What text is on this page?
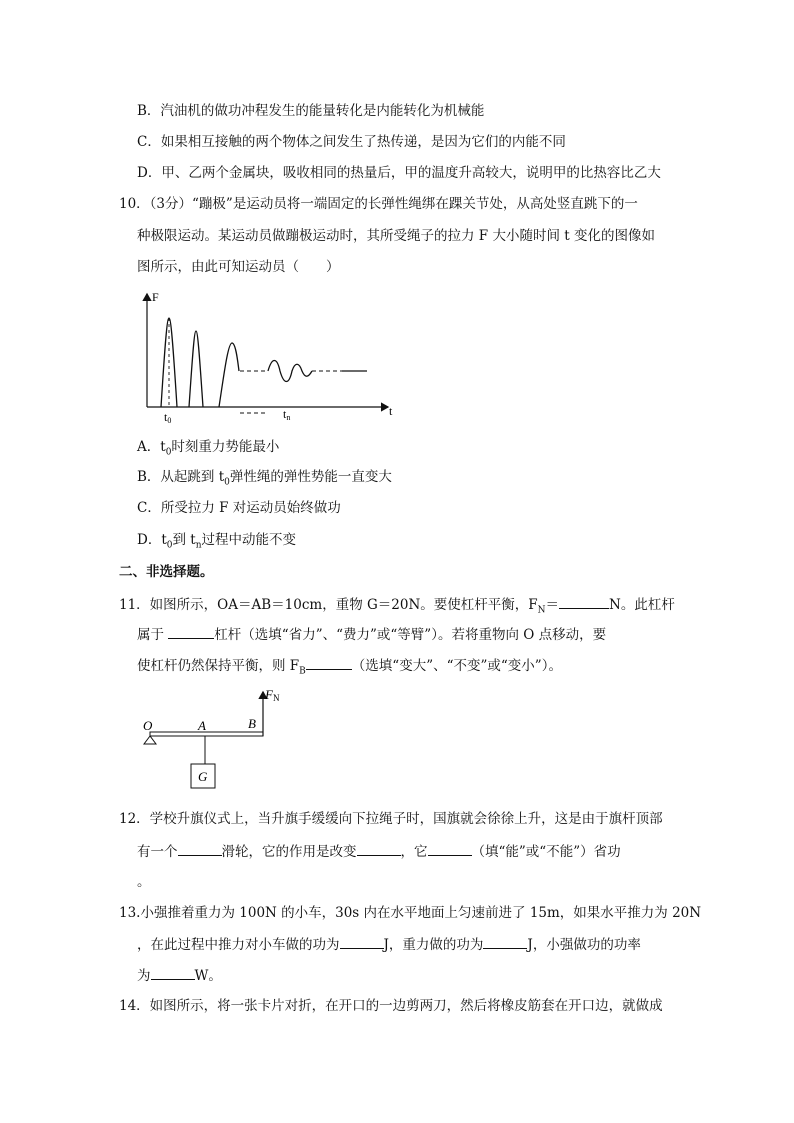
B．汽油机的做功冲程发生的能量转化是内能转化为机械能
C．如果相互接触的两个物体之间发生了热传递，是因为它们的内能不同
D．甲、乙两个金属块，吸收相同的热量后，甲的温度升高较大，说明甲的比热容比乙大
10．（3分）“蹦极”是运动员将一端固定的长弹性绳绑在踝关节处，从高处竖直跳下的一
种极限运动。某运动员做蹦极运动时，其所受绳子的拉力 F 大小随时间 t 变化的图像如
图所示，由此可知运动员（　　）
F
t
t0	tn
A．$t_0$时刻重力势能最小
B．从起跳到 $t_0$弹性绳的弹性势能一直变大
C．所受拉力 F 对运动员始终做功
D．$t_0$到 $t_n$过程中动能不变
二、非选择题。
11．如图所示，OA＝AB＝10cm，重物 G＝20N。要使杠杆平衡，$F_N=$	N。此杠杆
属于	杠杆（选填“省力”、“费力”或“等臂”）。若将重物向 O 点移动，要
使杠杆仍然保持平衡，则 $F_B$	（选填“变大”、“不变”或“变小”）。
O	A	B
FN
G
12．学校升旗仪式上，当升旗手缓缓向下拉绳子时，国旗就会徐徐上升，这是由于旗杆顶部
有一个	滑轮，它的作用是改变	，它	（填“能”或“不能”）省功
。
13.小强推着重力为 100N 的小车，30s 内在水平地面上匀速前进了 15m，如果水平推力为 20N
，在此过程中推力对小车做的功为	J，重力做的功为	J，小强做功的功率
为	W。
14．如图所示，将一张卡片对折，在开口的一边剪两刀，然后将橡皮筋套在开口边，就做成
